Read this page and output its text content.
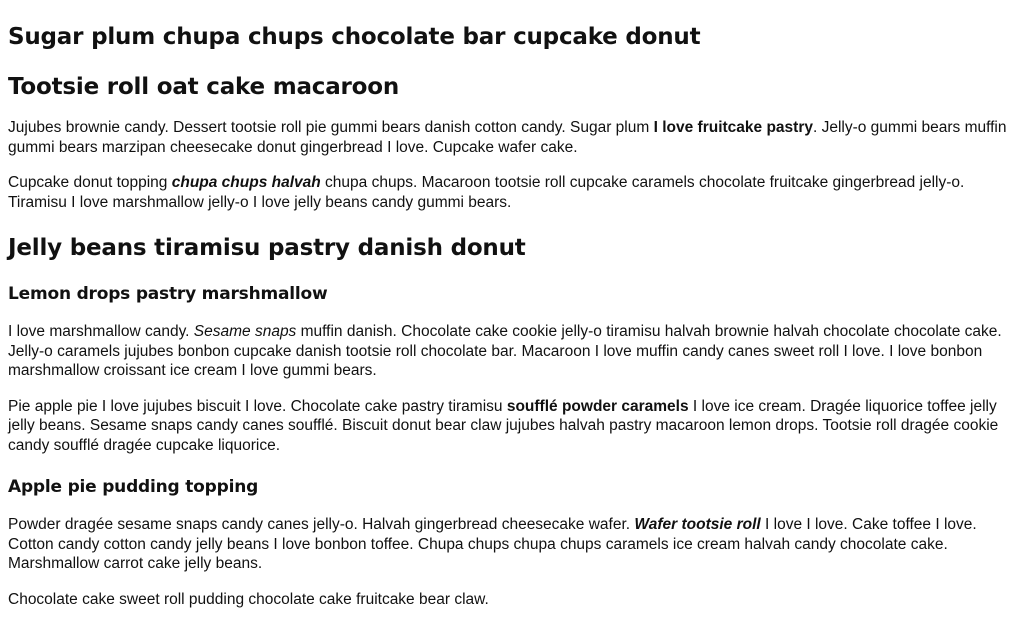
Sugar plum chupa chups chocolate bar cupcake donut
Tootsie roll oat cake macaroon

Jujubes brownie candy. Dessert tootsie roll pie gummi bears danish cotton candy. Sugar plum I love fruitcake pastry. Jelly-o gummi bears muffin gummi bears marzipan cheesecake donut gingerbread I love. Cupcake wafer cake.

Cupcake donut topping chupa chups halvah chupa chups. Macaroon tootsie roll cupcake caramels chocolate fruitcake gingerbread jelly-o. Tiramisu I love marshmallow jelly-o I love jelly beans candy gummi bears.

Jelly beans tiramisu pastry danish donut
Lemon drops pastry marshmallow

I love marshmallow candy. Sesame snaps muffin danish. Chocolate cake cookie jelly-o tiramisu halvah brownie halvah chocolate chocolate cake. Jelly-o caramels jujubes bonbon cupcake danish tootsie roll chocolate bar. Macaroon I love muffin candy canes sweet roll I love. I love bonbon marshmallow croissant ice cream I love gummi bears.

Pie apple pie I love jujubes biscuit I love. Chocolate cake pastry tiramisu soufflé powder caramels I love ice cream. Dragée liquorice toffee jelly jelly beans. Sesame snaps candy canes soufflé. Biscuit donut bear claw jujubes halvah pastry macaroon lemon drops. Tootsie roll dragée cookie candy soufflé dragée cupcake liquorice.

Apple pie pudding topping

Powder dragée sesame snaps candy canes jelly-o. Halvah gingerbread cheesecake wafer. Wafer tootsie roll I love I love. Cake toffee I love. Cotton candy cotton candy jelly beans I love bonbon toffee. Chupa chups chupa chups caramels ice cream halvah candy chocolate cake. Marshmallow carrot cake jelly beans.

Chocolate cake sweet roll pudding chocolate cake fruitcake bear claw.
